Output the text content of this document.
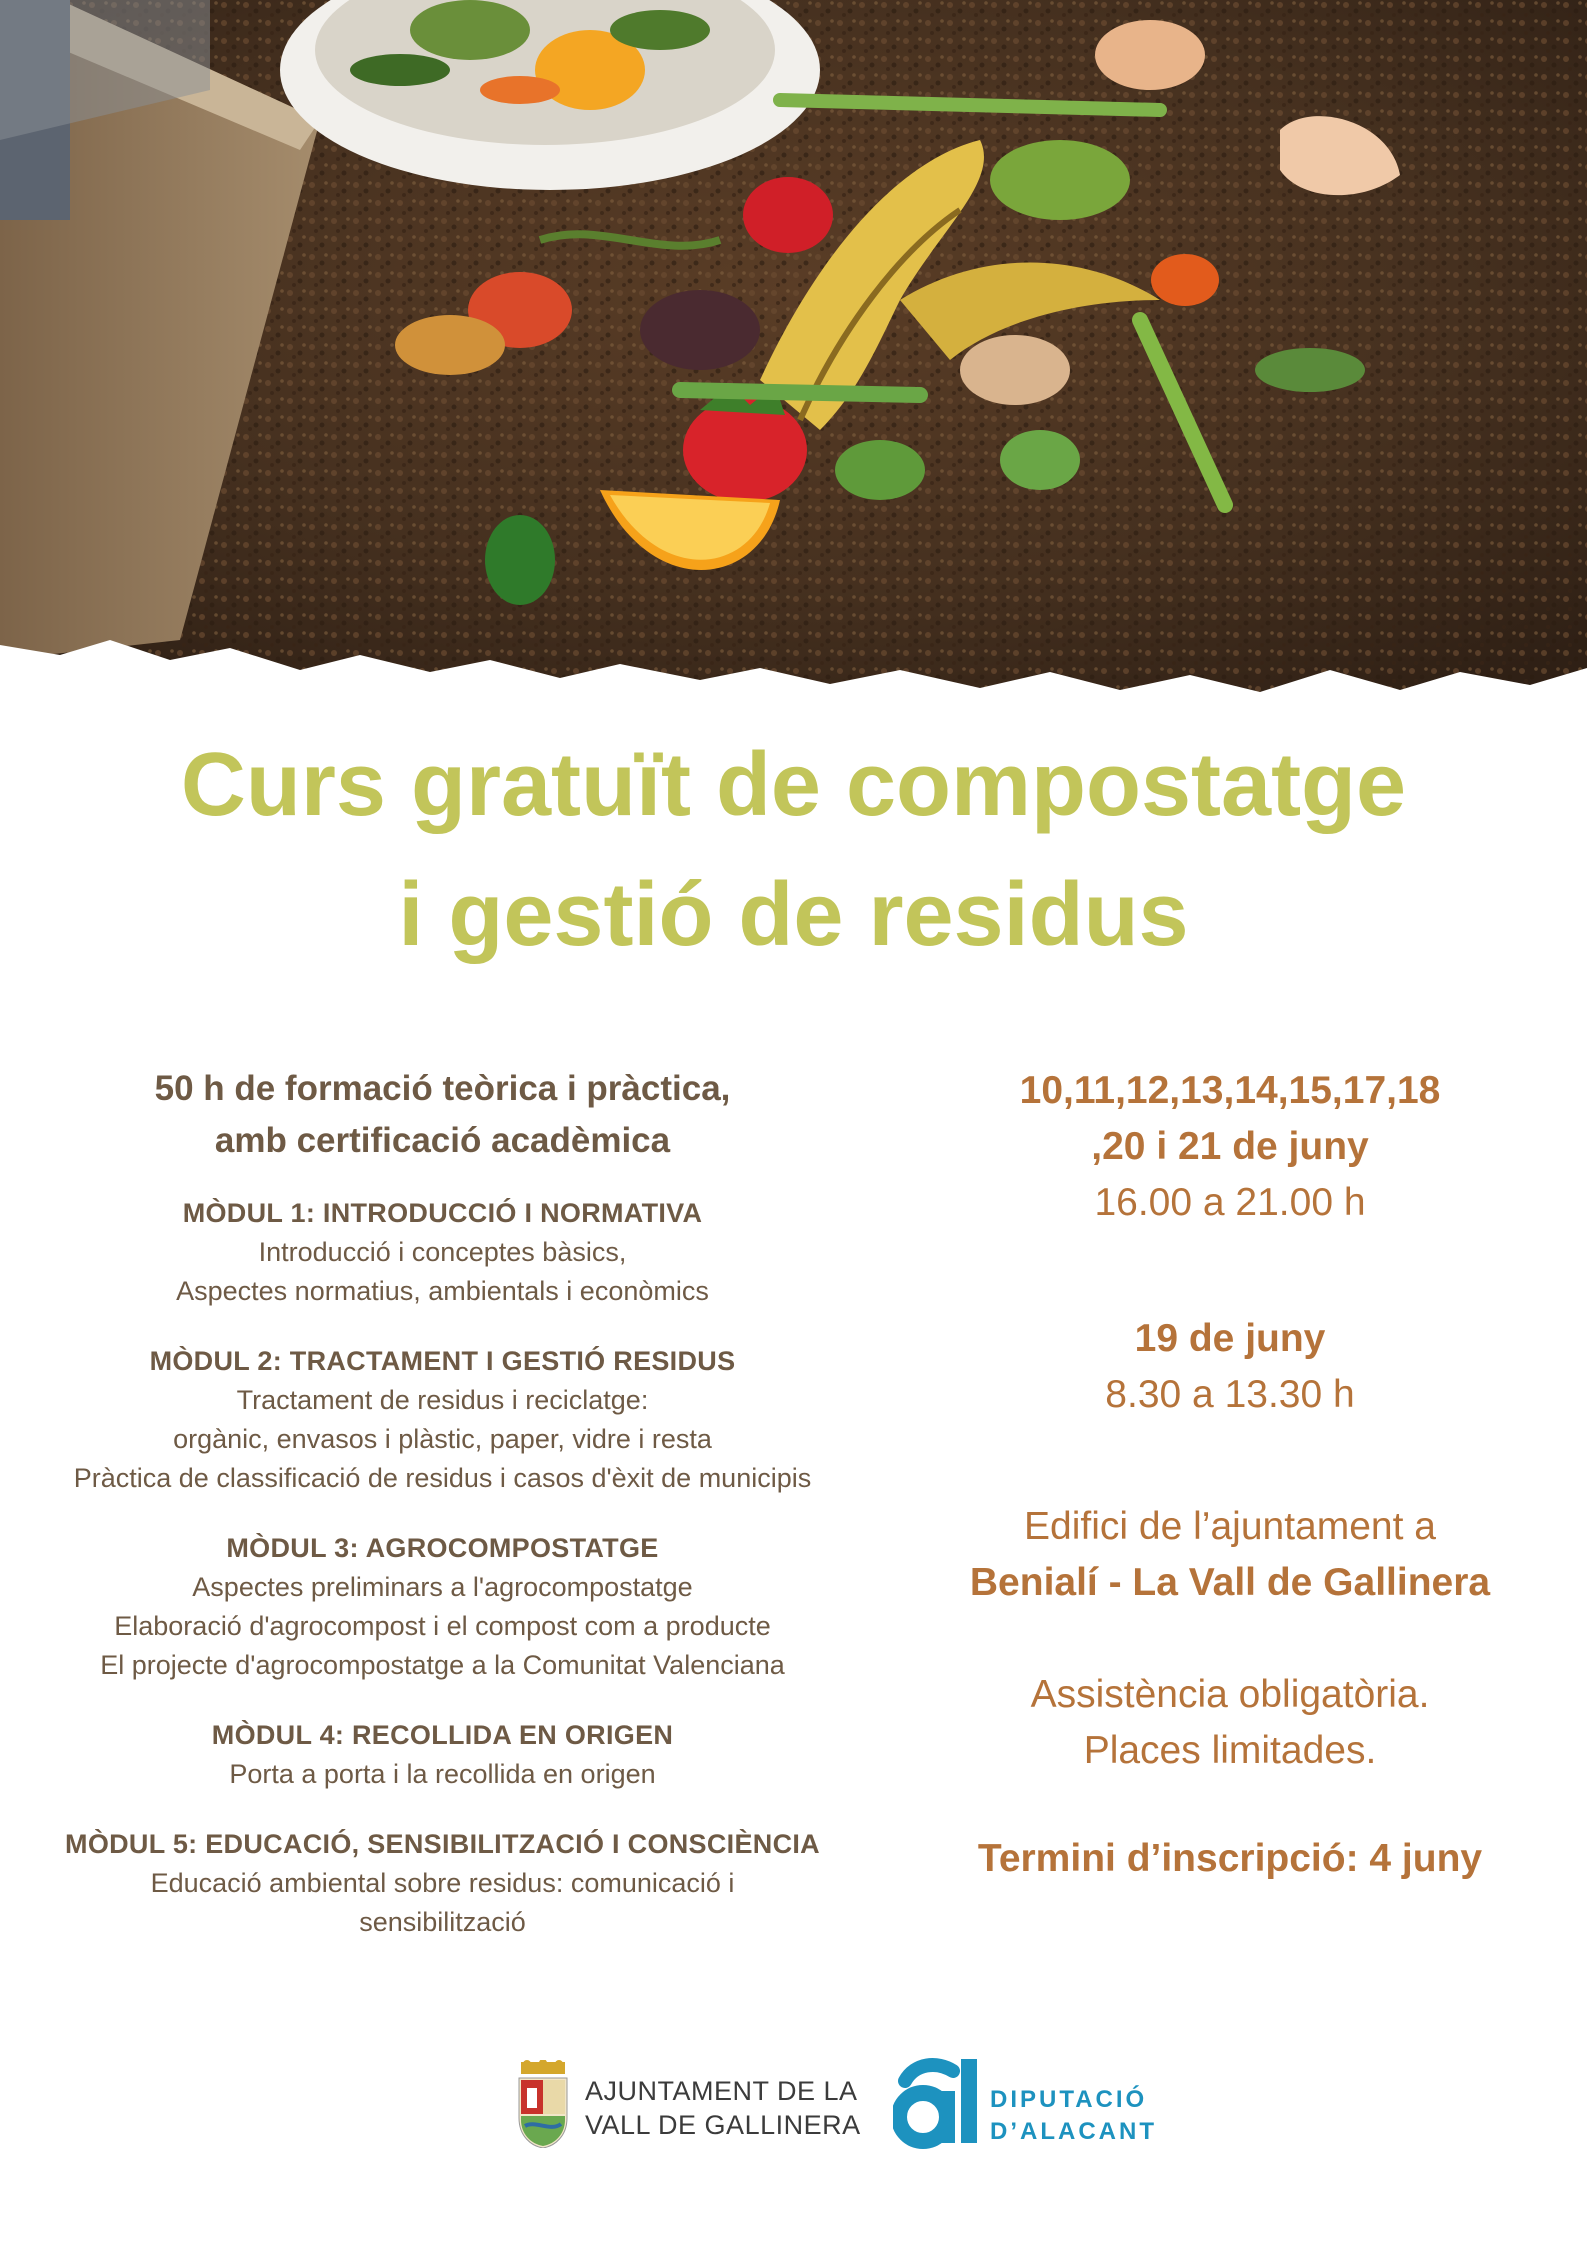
Curs gratuït de compostatge
i gestió de residus
50 h de formació teòrica i pràctica,
amb certificació acadèmica
MÒDUL 1: INTRODUCCIÓ I NORMATIVA
Introducció i conceptes bàsics,
Aspectes normatius, ambientals i econòmics
MÒDUL 2: TRACTAMENT I GESTIÓ RESIDUS
Tractament de residus i reciclatge:
orgànic, envasos i plàstic, paper, vidre i resta
Pràctica de classificació de residus i casos d'èxit de municipis
MÒDUL 3: AGROCOMPOSTATGE
Aspectes preliminars a l'agrocompostatge
Elaboració d'agrocompost i el compost com a producte
El projecte d'agrocompostatge a la Comunitat Valenciana
MÒDUL 4: RECOLLIDA EN ORIGEN
Porta a porta i la recollida en origen
MÒDUL 5: EDUCACIÓ, SENSIBILITZACIÓ I CONSCIÈNCIA
Educació ambiental sobre residus: comunicació i
sensibilització
10,11,12,13,14,15,17,18
,20 i 21 de juny
16.00 a 21.00 h
19 de juny
8.30 a 13.30 h
Edifici de l’ajuntament a
Benialí - La Vall de Gallinera
Assistència obligatòria.
Places limitades.
Termini d’inscripció: 4 juny
AJUNTAMENT DE LA
VALL DE GALLINERA
DIPUTACIÓ
D’ALACANT
